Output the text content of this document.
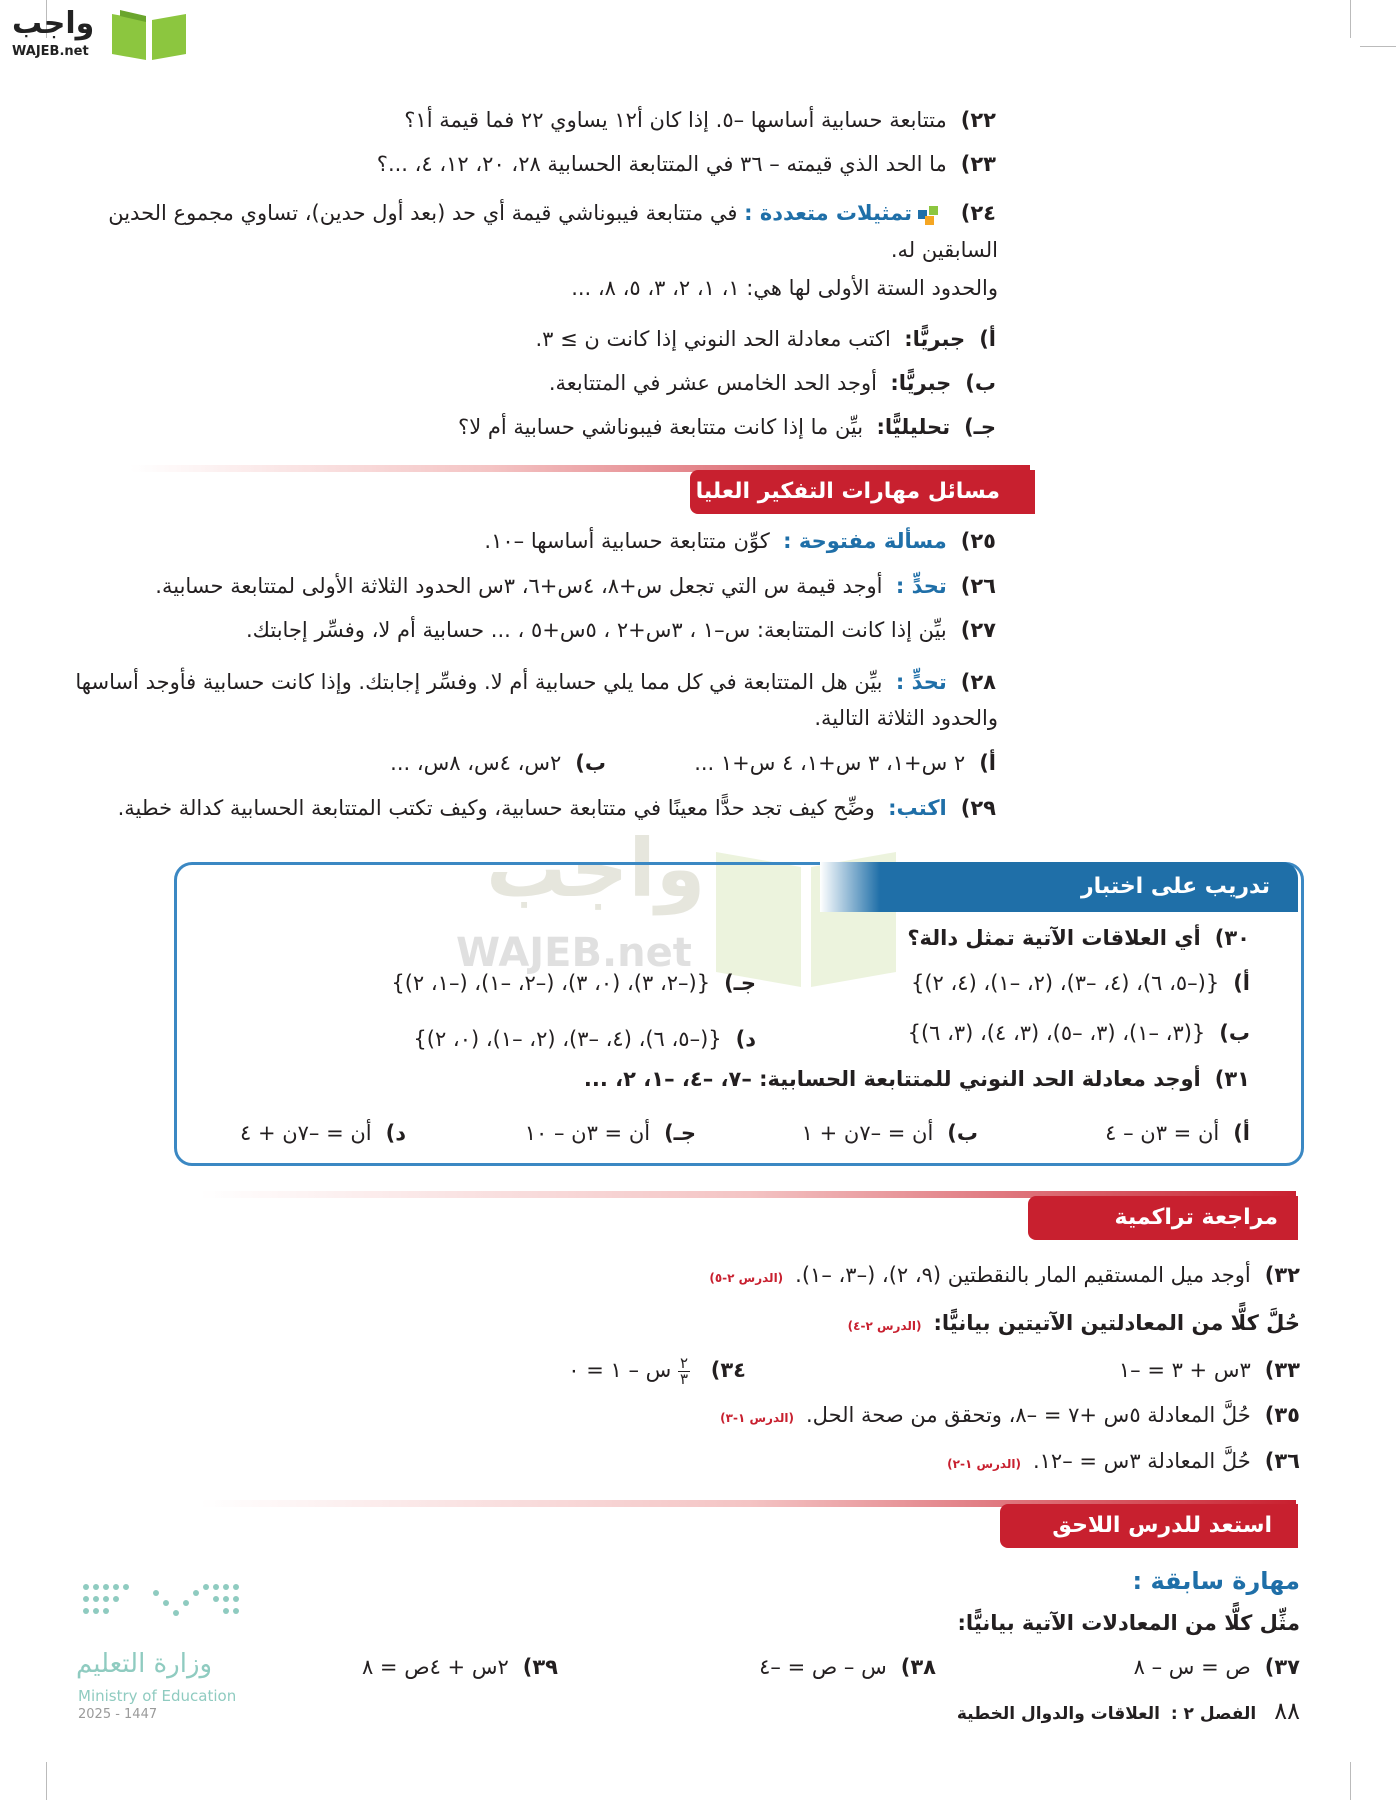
واجب
WAJEB.net
واجب
WAJEB.net
٢٢)متتابعة حسابية أساسها –٥. إذا كان أ١٢ يساوي ٢٢ فما قيمة أ١؟
٢٣)ما الحد الذي قيمته – ٣٦ في المتتابعة الحسابية ٢٨، ٢٠، ١٢، ٤، ...؟
٢٤) تمثيلات متعددة : في متتابعة فيبوناشي قيمة أي حد (بعد أول حدين)، تساوي مجموع الحدين
السابقين له.
والحدود الستة الأولى لها هي: ١، ١، ٢، ٣، ٥، ٨، ...
أ)جبريًّا:  اكتب معادلة الحد النوني إذا كانت ن ≥ ٣.
ب)جبريًّا:  أوجد الحد الخامس عشر في المتتابعة.
جـ)تحليليًّا:  بيِّن ما إذا كانت متتابعة فيبوناشي حسابية أم لا؟
مسائل مهارات التفكير العليا
٢٥)مسألة مفتوحة :  كوِّن متتابعة حسابية أساسها –١٠.
٢٦)تحدٍّ :  أوجد قيمة س التي تجعل س+٨، ٤س+٦، ٣س الحدود الثلاثة الأولى لمتتابعة حسابية.
٢٧)بيِّن إذا كانت المتتابعة: س–١ ، ٣س+٢ ، ٥س+٥ ، ... حسابية أم لا، وفسِّر إجابتك.
٢٨)تحدٍّ :  بيِّن هل المتتابعة في كل مما يلي حسابية أم لا. وفسِّر إجابتك. وإذا كانت حسابية فأوجد أساسها
والحدود الثلاثة التالية.
أ)٢ س+١، ٣ س+١، ٤ س+١ ...
ب)٢س، ٤س، ٨س، ...
٢٩)اكتب:  وضِّح كيف تجد حدًّا معينًا في متتابعة حسابية، وكيف تكتب المتتابعة الحسابية كدالة خطية.
تدريب على اختبار
٣٠)أي العلاقات الآتية تمثل دالة؟
أ){(–٥، ٦)، (٤، –٣)، (٢، –١)، (٤، ٢)}
جـ){(–٢، ٣)، (٠، ٣)، (–٢، –١)، (–١، ٢)}
ب){(٣، –١)، (٣، –٥)، (٣، ٤)، (٣، ٦)}
د){(–٥، ٦)، (٤، –٣)، (٢، –١)، (٠، ٢)}
٣١)أوجد معادلة الحد النوني للمتتابعة الحسابية: –٧، –٤، –١، ٢، ...
أ)أن = ٣ن – ٤
ب)أن = –٧ن + ١
جـ)أن = ٣ن – ١٠
د)أن = –٧ن + ٤
مراجعة تراكمية
٣٢)أوجد ميل المستقيم المار بالنقطتين (٩، ٢)، (–٣، –١).(الدرس ٢-٥)
حُلَّ كلًّا من المعادلتين الآتيتين بيانيًّا:(الدرس ٢-٤)
٣٣)٣س + ٣ = –١
٣٤)
٢
٣
س – ١ = ٠
٣٥)حُلَّ المعادلة ٥س +٧ = –٨، وتحقق من صحة الحل.(الدرس ١-٣)
٣٦)حُلَّ المعادلة ٣س = –١٢.(الدرس ١-٢)
استعد للدرس اللاحق
مهارة سابقة :
مثِّل كلًّا من المعادلات الآتية بيانيًّا:
٣٧)ص = س – ٨
٣٨)س – ص = –٤
٣٩)٢س + ٤ص = ٨
وزارة التعليم
Ministry of Education
2025 - 1447	٨٨الفصل ٢ :  العلاقات والدوال الخطية
